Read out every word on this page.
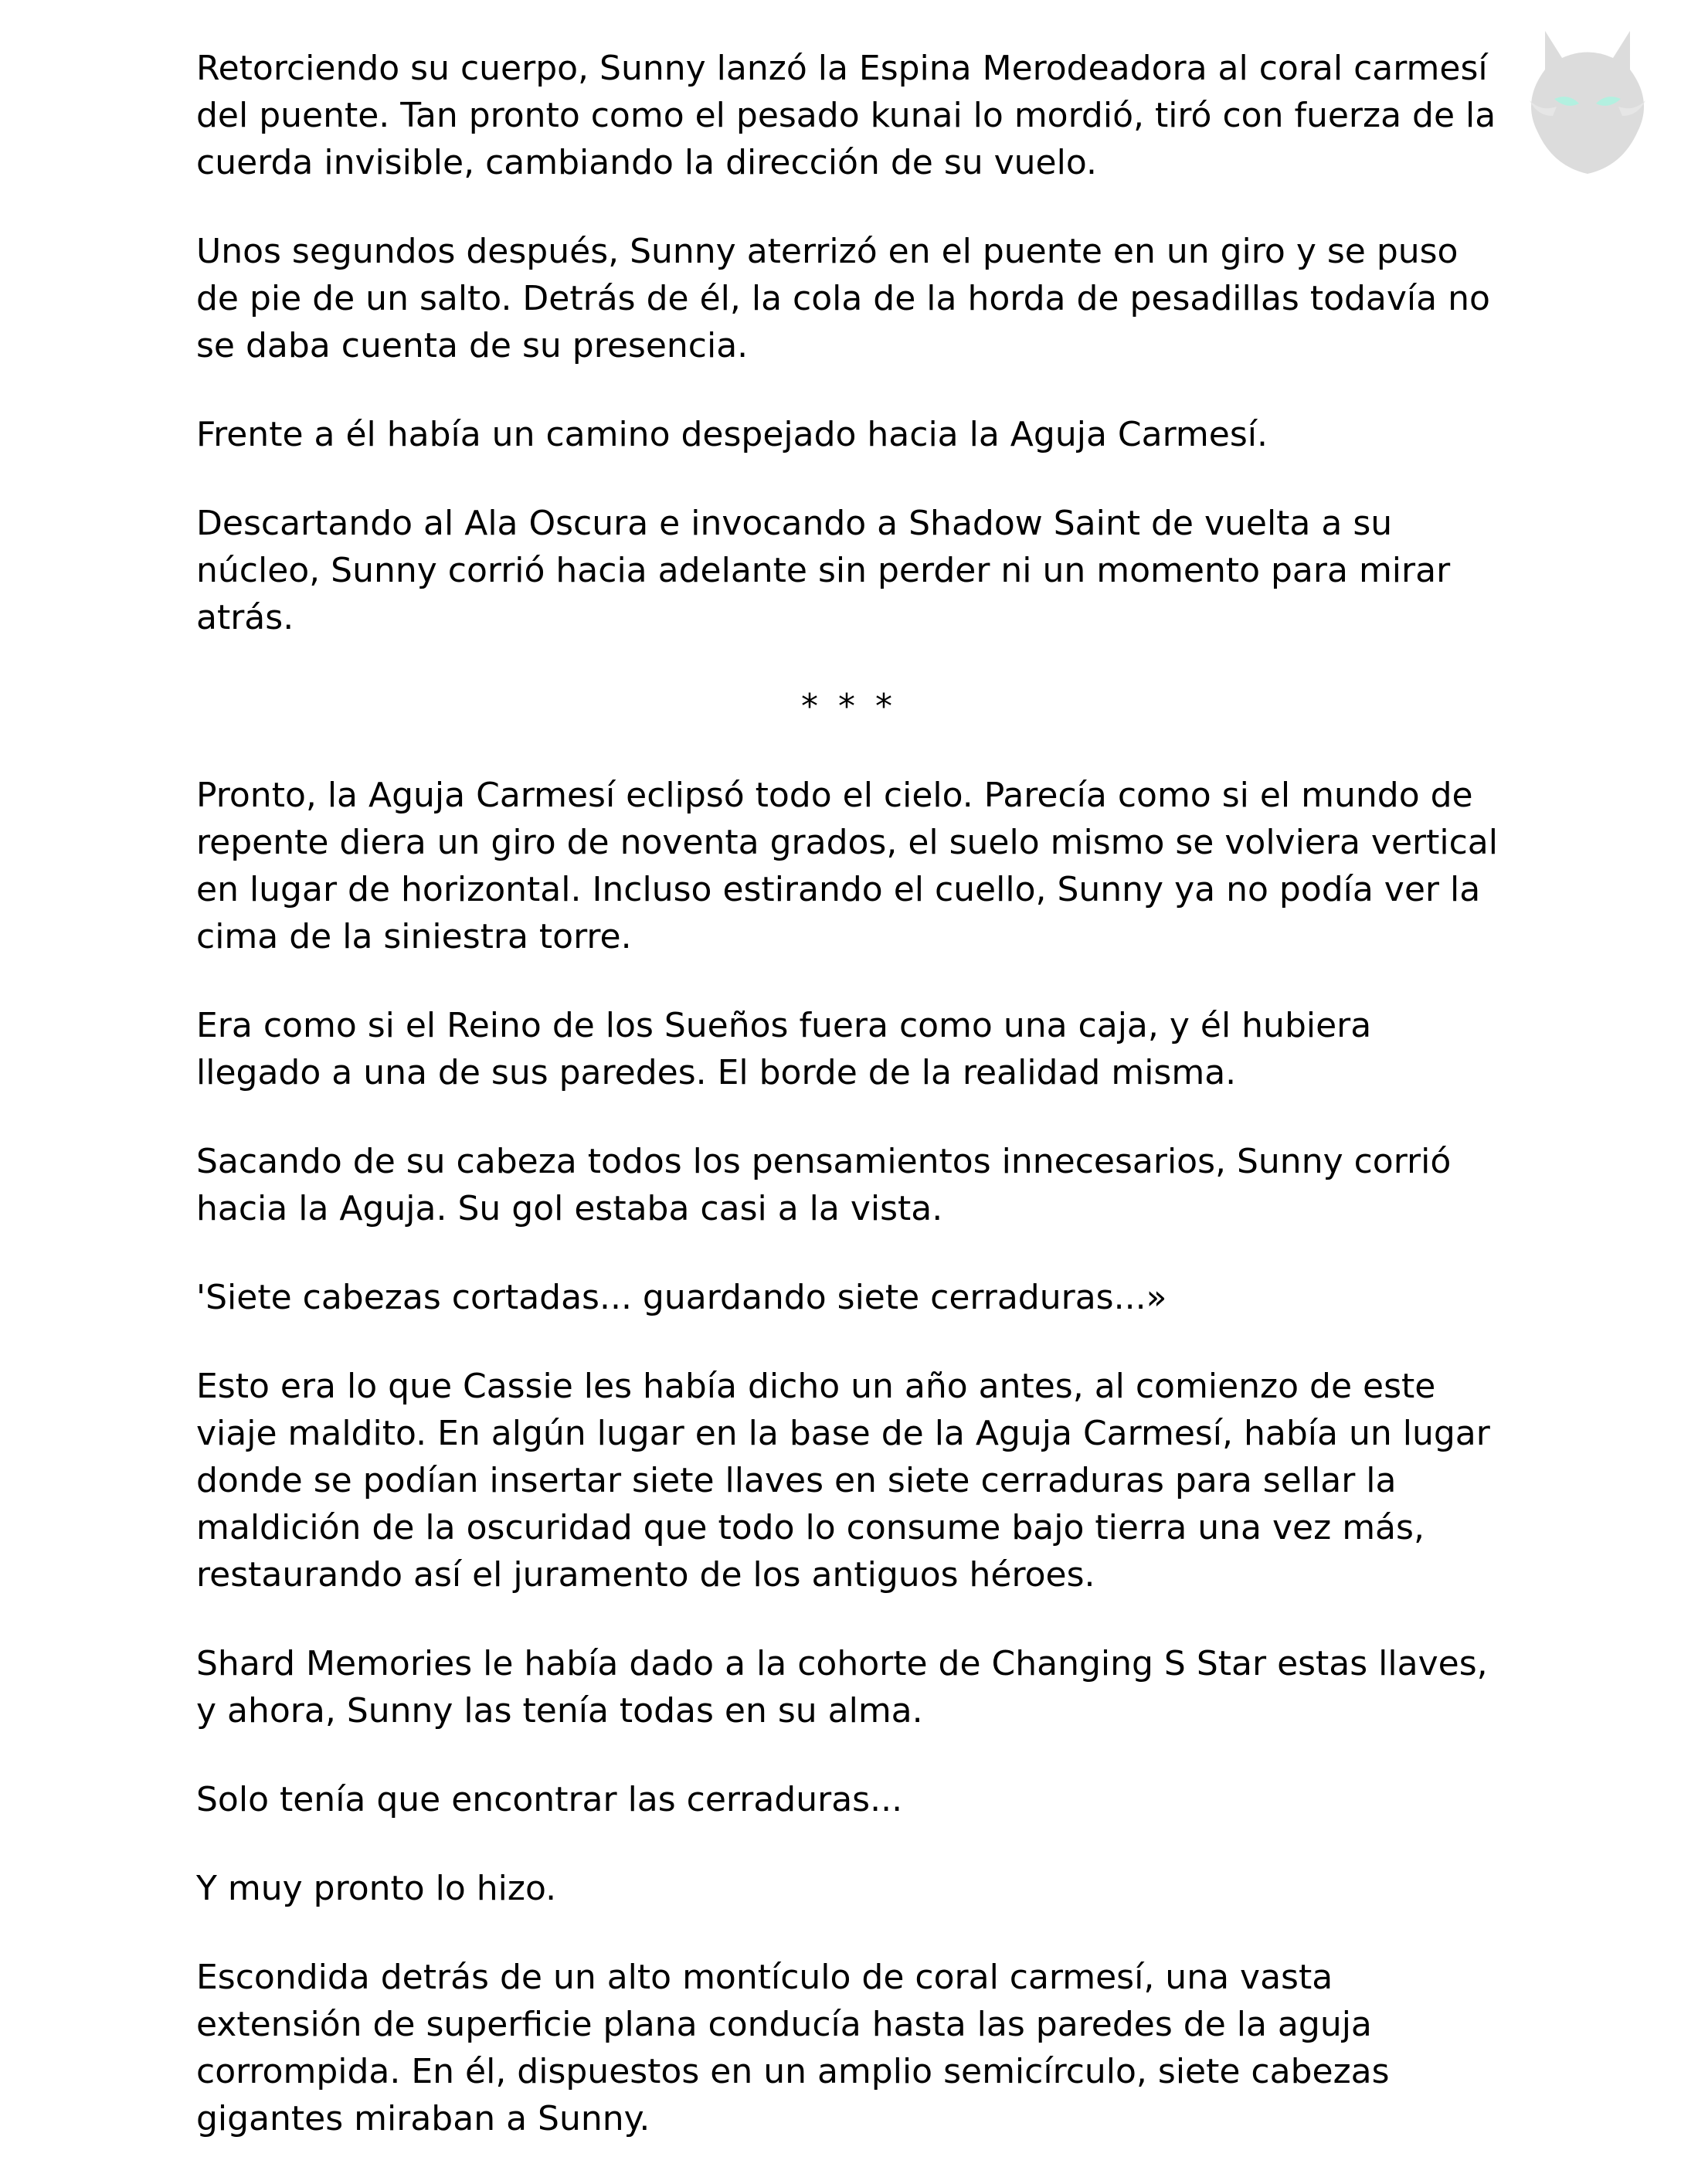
Retorciendo su cuerpo, Sunny lanzó la Espina Merodeadora al coral carmesí del puente. Tan pronto como el pesado kunai lo mordió, tiró con fuerza de la cuerda invisible, cambiando la dirección de su vuelo.

Unos segundos después, Sunny aterrizó en el puente en un giro y se puso de pie de un salto. Detrás de él, la cola de la horda de pesadillas todavía no se daba cuenta de su presencia.

Frente a él había un camino despejado hacia la Aguja Carmesí.

Descartando al Ala Oscura e invocando a Shadow Saint de vuelta a su núcleo, Sunny corrió hacia adelante sin perder ni un momento para mirar atrás.

* * *

Pronto, la Aguja Carmesí eclipsó todo el cielo. Parecía como si el mundo de repente diera un giro de noventa grados, el suelo mismo se volviera vertical en lugar de horizontal. Incluso estirando el cuello, Sunny ya no podía ver la cima de la siniestra torre.

Era como si el Reino de los Sueños fuera como una caja, y él hubiera llegado a una de sus paredes. El borde de la realidad misma.

Sacando de su cabeza todos los pensamientos innecesarios, Sunny corrió hacia la Aguja. Su gol estaba casi a la vista.

'Siete cabezas cortadas... guardando siete cerraduras...»

Esto era lo que Cassie les había dicho un año antes, al comienzo de este viaje maldito. En algún lugar en la base de la Aguja Carmesí, había un lugar donde se podían insertar siete llaves en siete cerraduras para sellar la maldición de la oscuridad que todo lo consume bajo tierra una vez más, restaurando así el juramento de los antiguos héroes.

Shard Memories le había dado a la cohorte de Changing S Star estas llaves, y ahora, Sunny las tenía todas en su alma.

Solo tenía que encontrar las cerraduras...

Y muy pronto lo hizo.

Escondida detrás de un alto montículo de coral carmesí, una vasta extensión de superficie plana conducía hasta las paredes de la aguja corrompida. En él, dispuestos en un amplio semicírculo, siete cabezas gigantes miraban a Sunny.
